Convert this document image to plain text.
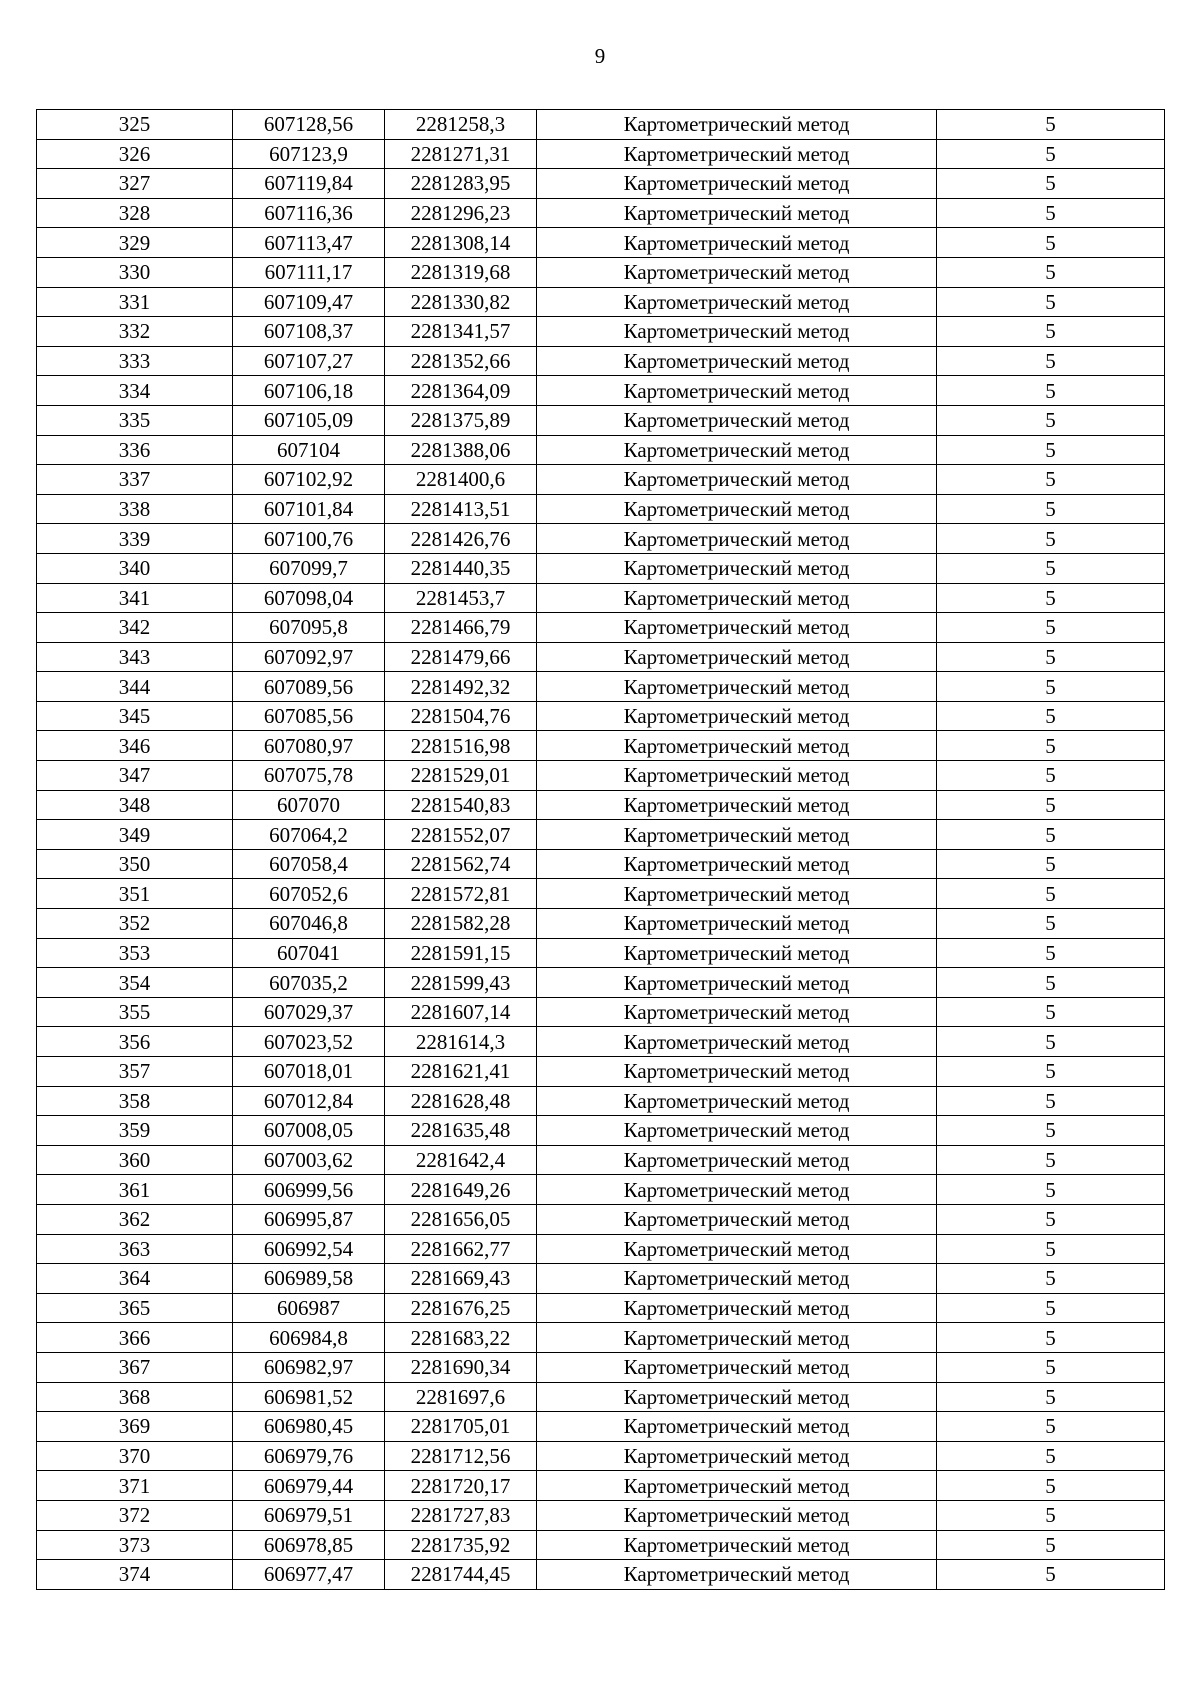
9
325	607128,56	2281258,3	Картометрический метод	5
326	607123,9	2281271,31	Картометрический метод	5
327	607119,84	2281283,95	Картометрический метод	5
328	607116,36	2281296,23	Картометрический метод	5
329	607113,47	2281308,14	Картометрический метод	5
330	607111,17	2281319,68	Картометрический метод	5
331	607109,47	2281330,82	Картометрический метод	5
332	607108,37	2281341,57	Картометрический метод	5
333	607107,27	2281352,66	Картометрический метод	5
334	607106,18	2281364,09	Картометрический метод	5
335	607105,09	2281375,89	Картометрический метод	5
336	607104	2281388,06	Картометрический метод	5
337	607102,92	2281400,6	Картометрический метод	5
338	607101,84	2281413,51	Картометрический метод	5
339	607100,76	2281426,76	Картометрический метод	5
340	607099,7	2281440,35	Картометрический метод	5
341	607098,04	2281453,7	Картометрический метод	5
342	607095,8	2281466,79	Картометрический метод	5
343	607092,97	2281479,66	Картометрический метод	5
344	607089,56	2281492,32	Картометрический метод	5
345	607085,56	2281504,76	Картометрический метод	5
346	607080,97	2281516,98	Картометрический метод	5
347	607075,78	2281529,01	Картометрический метод	5
348	607070	2281540,83	Картометрический метод	5
349	607064,2	2281552,07	Картометрический метод	5
350	607058,4	2281562,74	Картометрический метод	5
351	607052,6	2281572,81	Картометрический метод	5
352	607046,8	2281582,28	Картометрический метод	5
353	607041	2281591,15	Картометрический метод	5
354	607035,2	2281599,43	Картометрический метод	5
355	607029,37	2281607,14	Картометрический метод	5
356	607023,52	2281614,3	Картометрический метод	5
357	607018,01	2281621,41	Картометрический метод	5
358	607012,84	2281628,48	Картометрический метод	5
359	607008,05	2281635,48	Картометрический метод	5
360	607003,62	2281642,4	Картометрический метод	5
361	606999,56	2281649,26	Картометрический метод	5
362	606995,87	2281656,05	Картометрический метод	5
363	606992,54	2281662,77	Картометрический метод	5
364	606989,58	2281669,43	Картометрический метод	5
365	606987	2281676,25	Картометрический метод	5
366	606984,8	2281683,22	Картометрический метод	5
367	606982,97	2281690,34	Картометрический метод	5
368	606981,52	2281697,6	Картометрический метод	5
369	606980,45	2281705,01	Картометрический метод	5
370	606979,76	2281712,56	Картометрический метод	5
371	606979,44	2281720,17	Картометрический метод	5
372	606979,51	2281727,83	Картометрический метод	5
373	606978,85	2281735,92	Картометрический метод	5
374	606977,47	2281744,45	Картометрический метод	5
